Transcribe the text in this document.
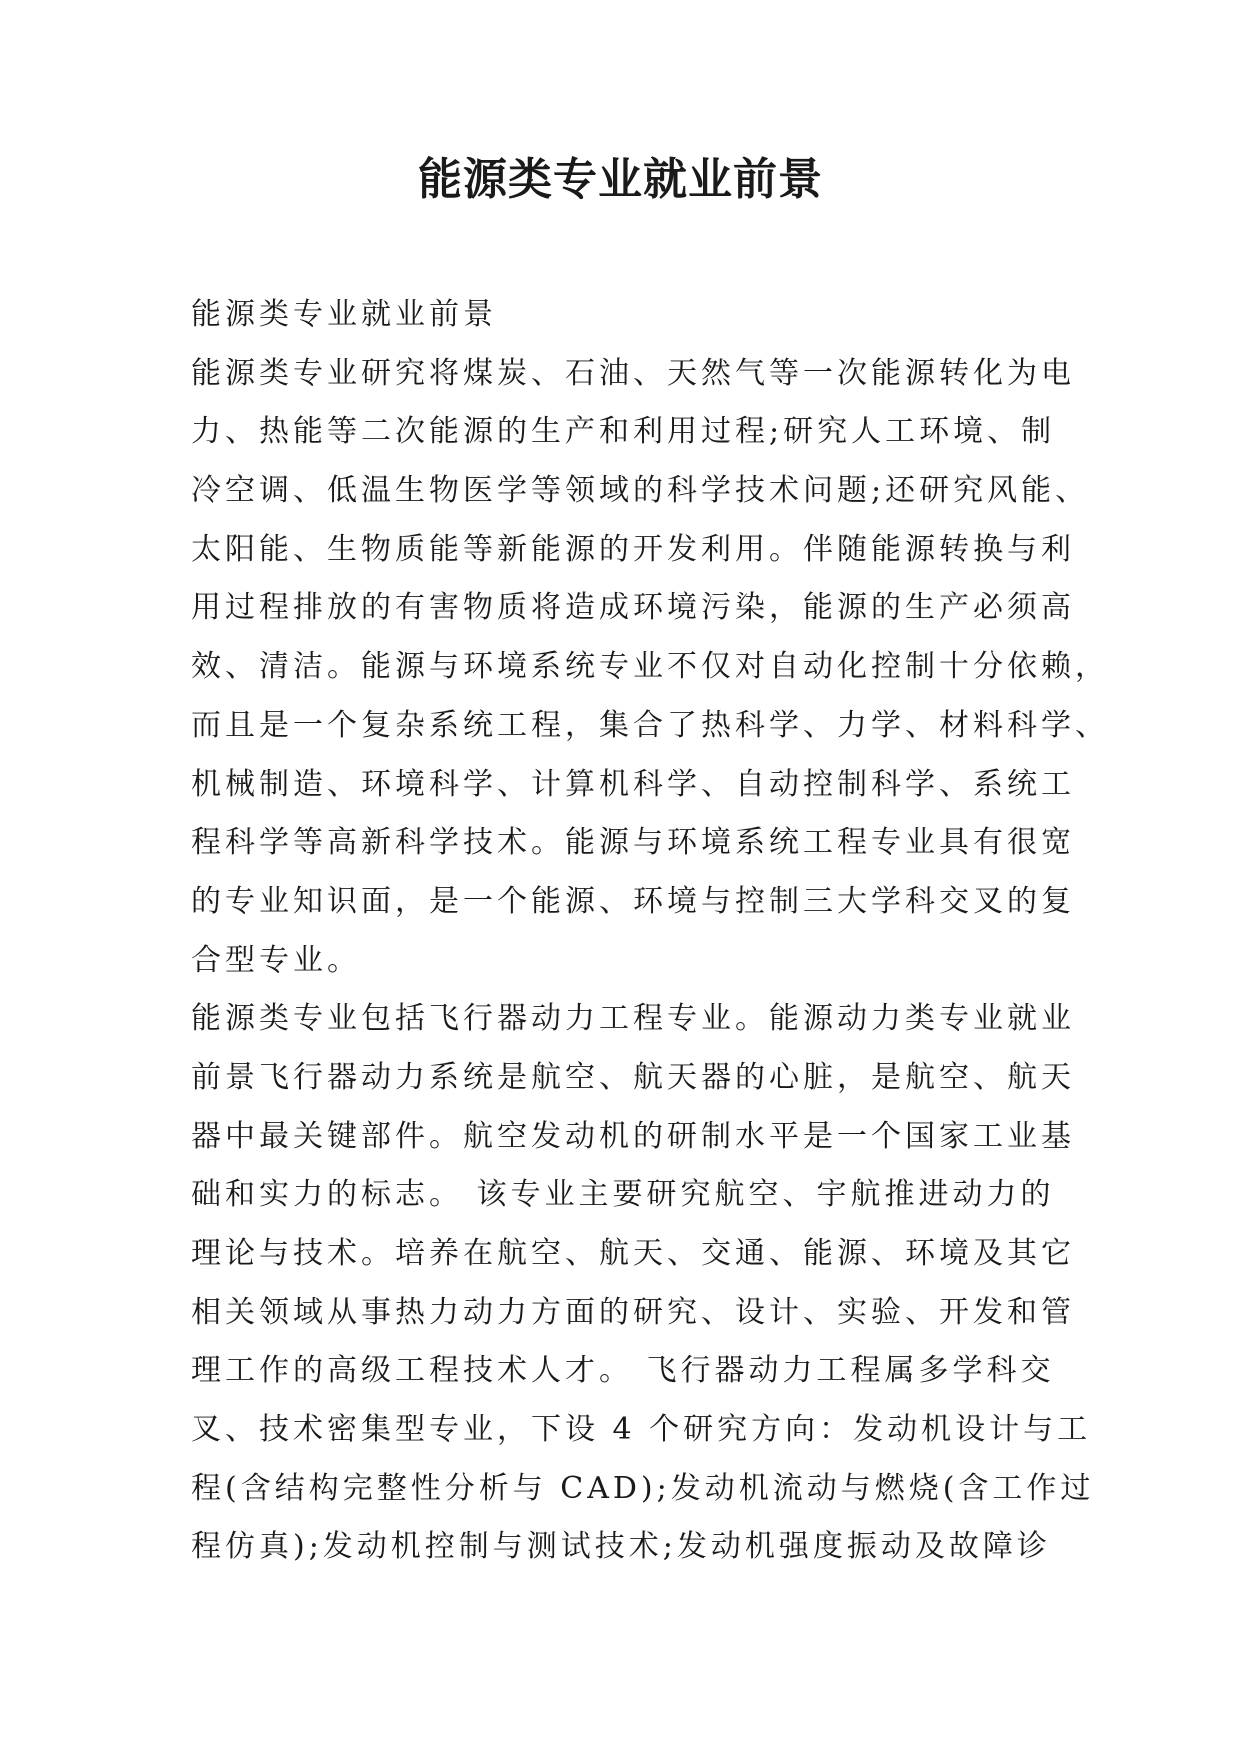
能源类专业就业前景
能源类专业就业前景
能源类专业研究将煤炭、石油、天然气等一次能源转化为电
力、热能等二次能源的生产和利用过程;研究人工环境、制
冷空调、低温生物医学等领域的科学技术问题;还研究风能、
太阳能、生物质能等新能源的开发利用。伴随能源转换与利
用过程排放的有害物质将造成环境污染，能源的生产必须高
效、清洁。能源与环境系统专业不仅对自动化控制十分依赖，
而且是一个复杂系统工程，集合了热科学、力学、材料科学、
机械制造、环境科学、计算机科学、自动控制科学、系统工
程科学等高新科学技术。能源与环境系统工程专业具有很宽
的专业知识面，是一个能源、环境与控制三大学科交叉的复
合型专业。
能源类专业包括飞行器动力工程专业。能源动力类专业就业
前景飞行器动力系统是航空、航天器的心脏，是航空、航天
器中最关键部件。航空发动机的研制水平是一个国家工业基
础和实力的标志。 该专业主要研究航空、宇航推进动力的
理论与技术。培养在航空、航天、交通、能源、环境及其它
相关领域从事热力动力方面的研究、设计、实验、开发和管
理工作的高级工程技术人才。 飞行器动力工程属多学科交
叉、技术密集型专业，下设 4 个研究方向：发动机设计与工
程(含结构完整性分析与 CAD);发动机流动与燃烧(含工作过
程仿真);发动机控制与测试技术;发动机强度振动及故障诊
